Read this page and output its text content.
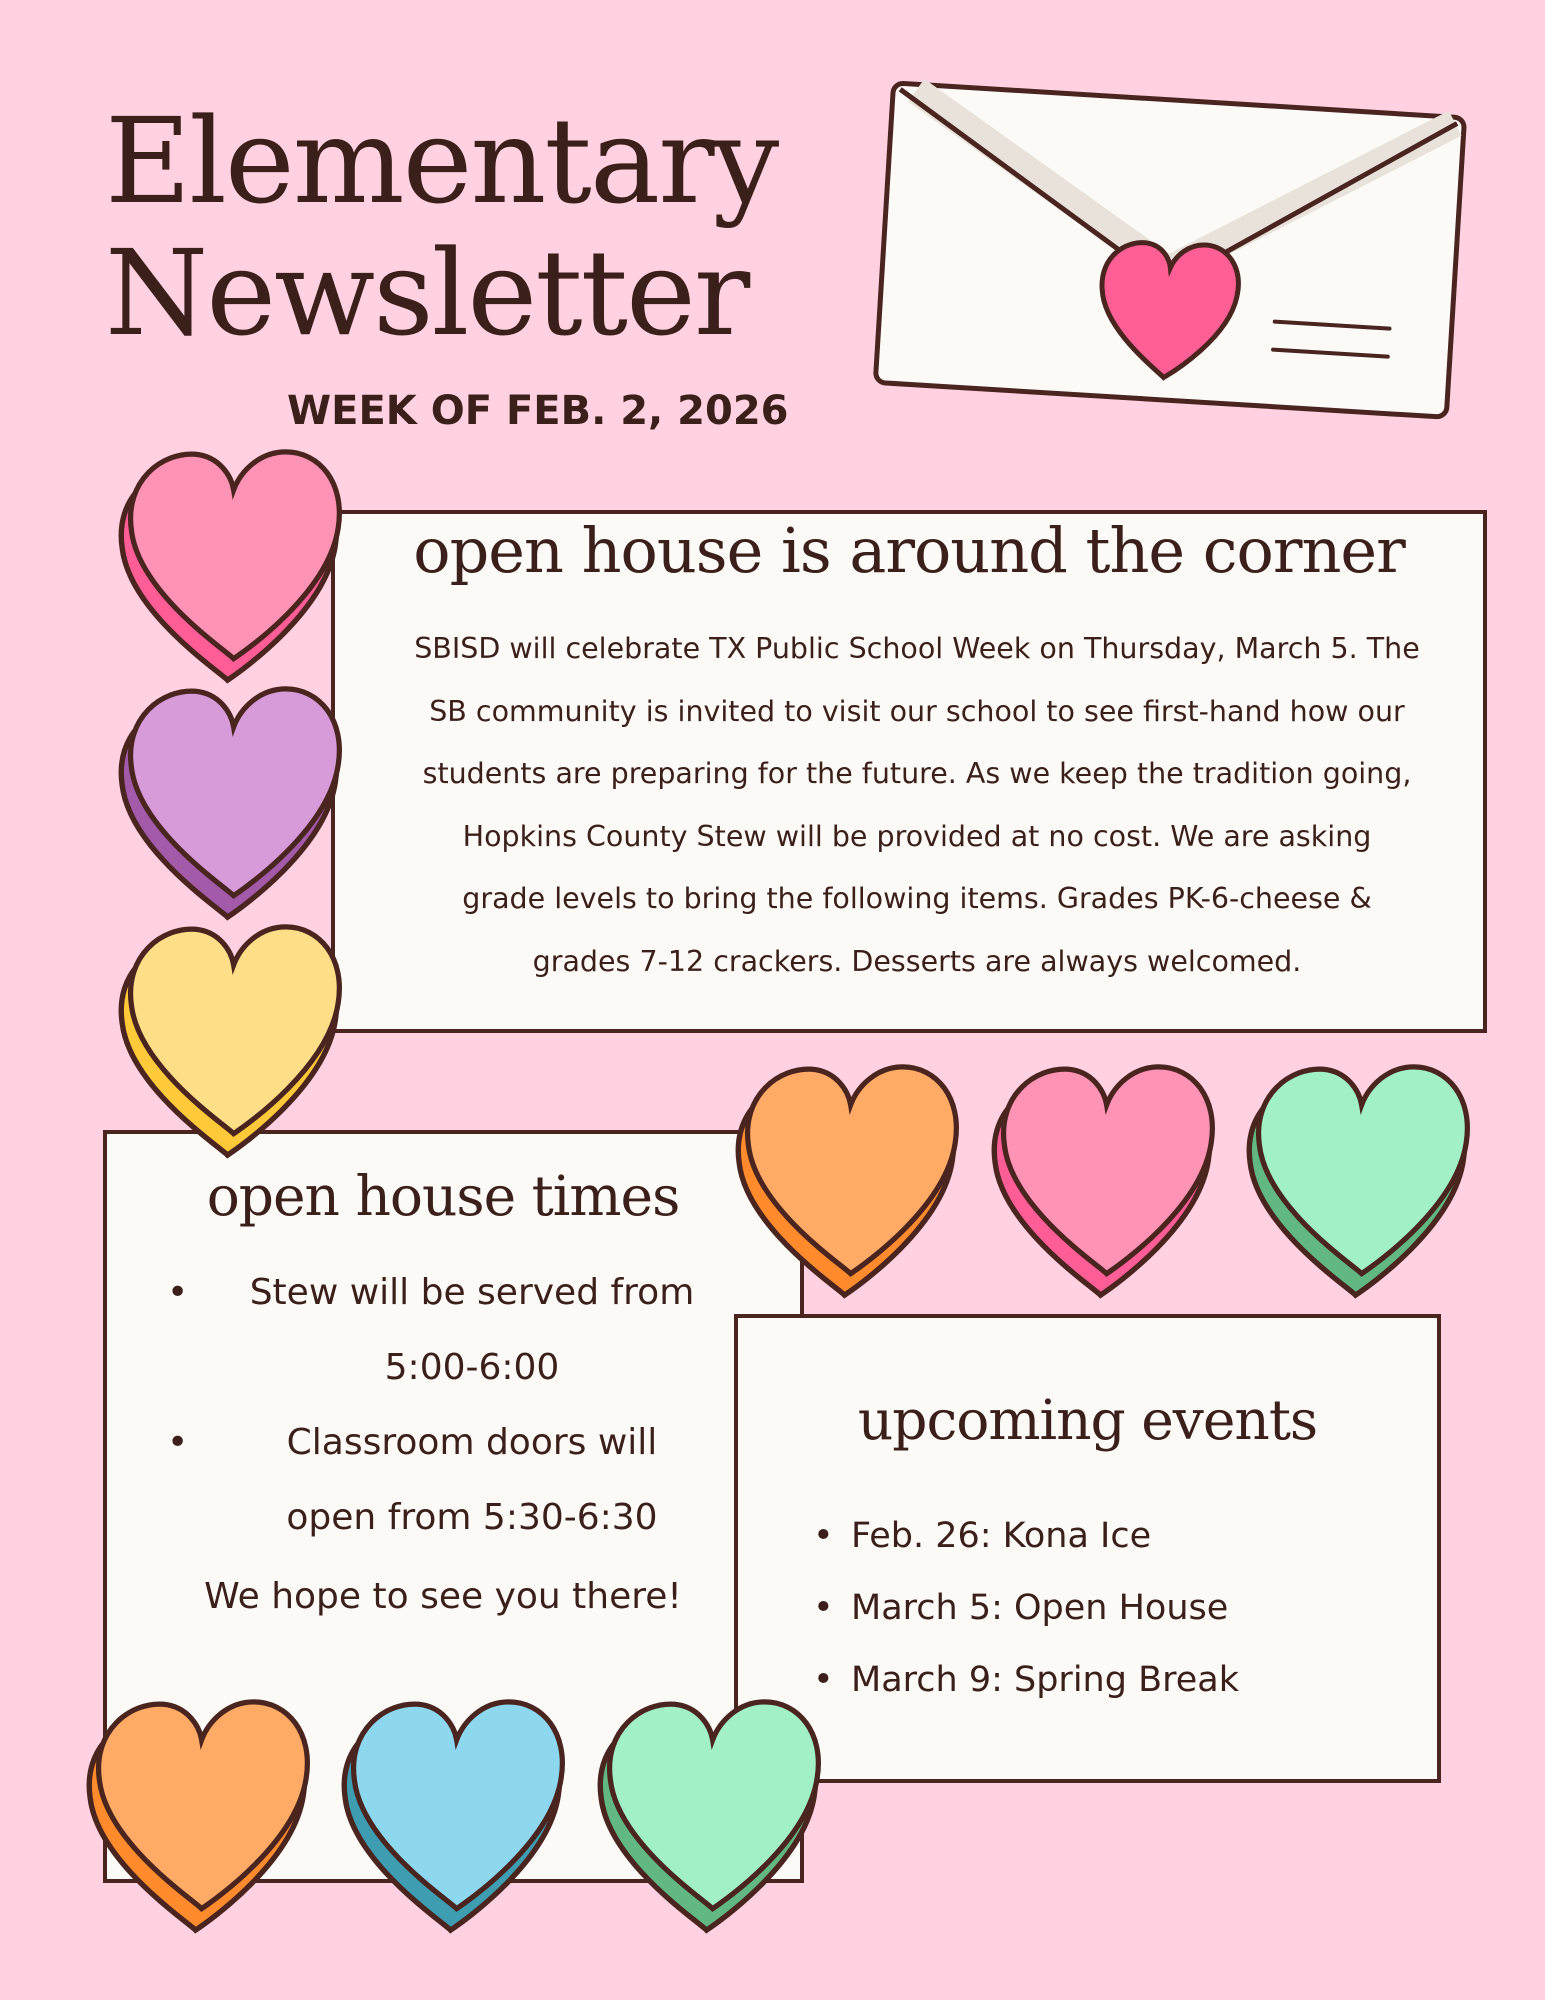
Elementary
Newsletter
WEEK OF FEB. 2, 2026
open house is around the corner
SBISD will celebrate TX Public School Week on Thursday, March 5. The
SB community is invited to visit our school to see first-hand how our
students are preparing for the future. As we keep the tradition going,
Hopkins County Stew will be provided at no cost. We are asking
grade levels to bring the following items. Grades PK-6-cheese &
grades 7-12 crackers. Desserts are always welcomed.
open house times
• Stew will be served from
5:00-6:00
• Classroom doors will
open from 5:30-6:30
We hope to see you there!
upcoming events
• Feb. 26: Kona Ice
• March 5: Open House
• March 9: Spring Break
